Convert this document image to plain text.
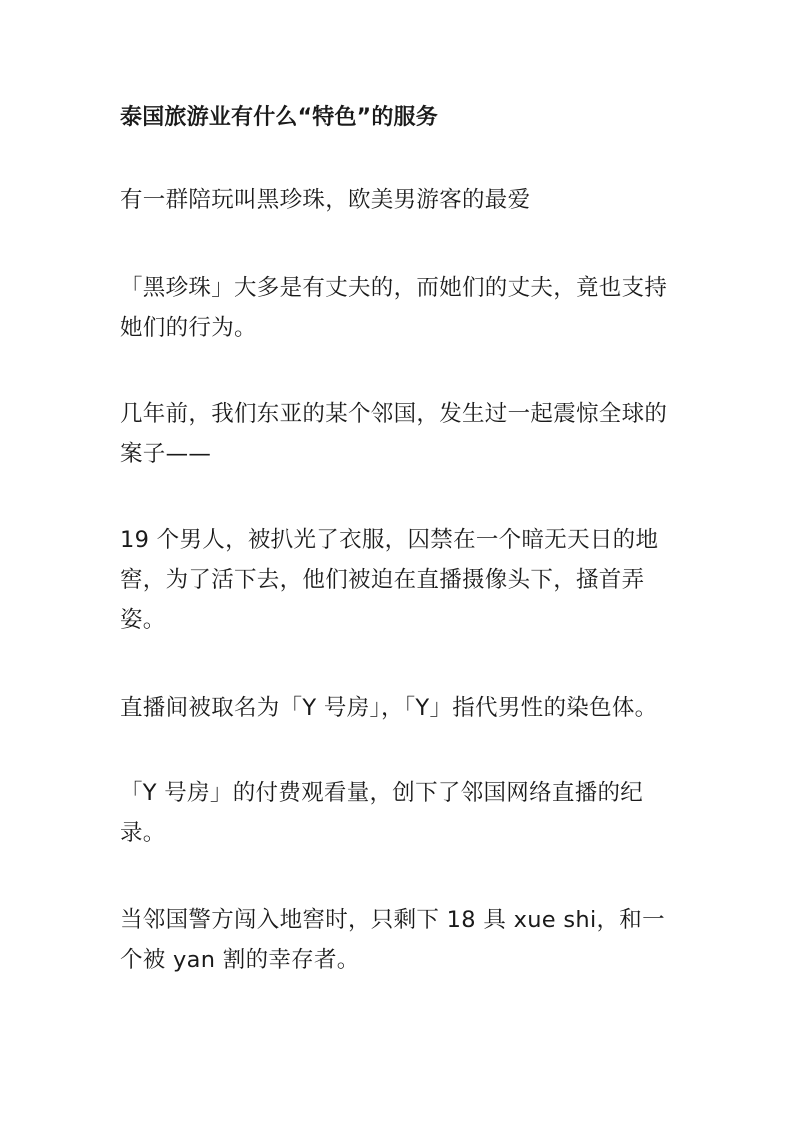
泰国旅游业有什么“特色”的服务

有一群陪玩叫黑珍珠，欧美男游客的最爱

「黑珍珠」大多是有丈夫的，而她们的丈夫，竟也支持她们的行为。

几年前，我们东亚的某个邻国，发生过一起震惊全球的案子——

19 个男人，被扒光了衣服，囚禁在一个暗无天日的地窖，为了活下去，他们被迫在直播摄像头下，搔首弄姿。

直播间被取名为「Y 号房」，「Y」指代男性的染色体。

「Y 号房」的付费观看量，创下了邻国网络直播的纪录。

当邻国警方闯入地窖时，只剩下 18 具 xue shi，和一个被 yan 割的幸存者。
